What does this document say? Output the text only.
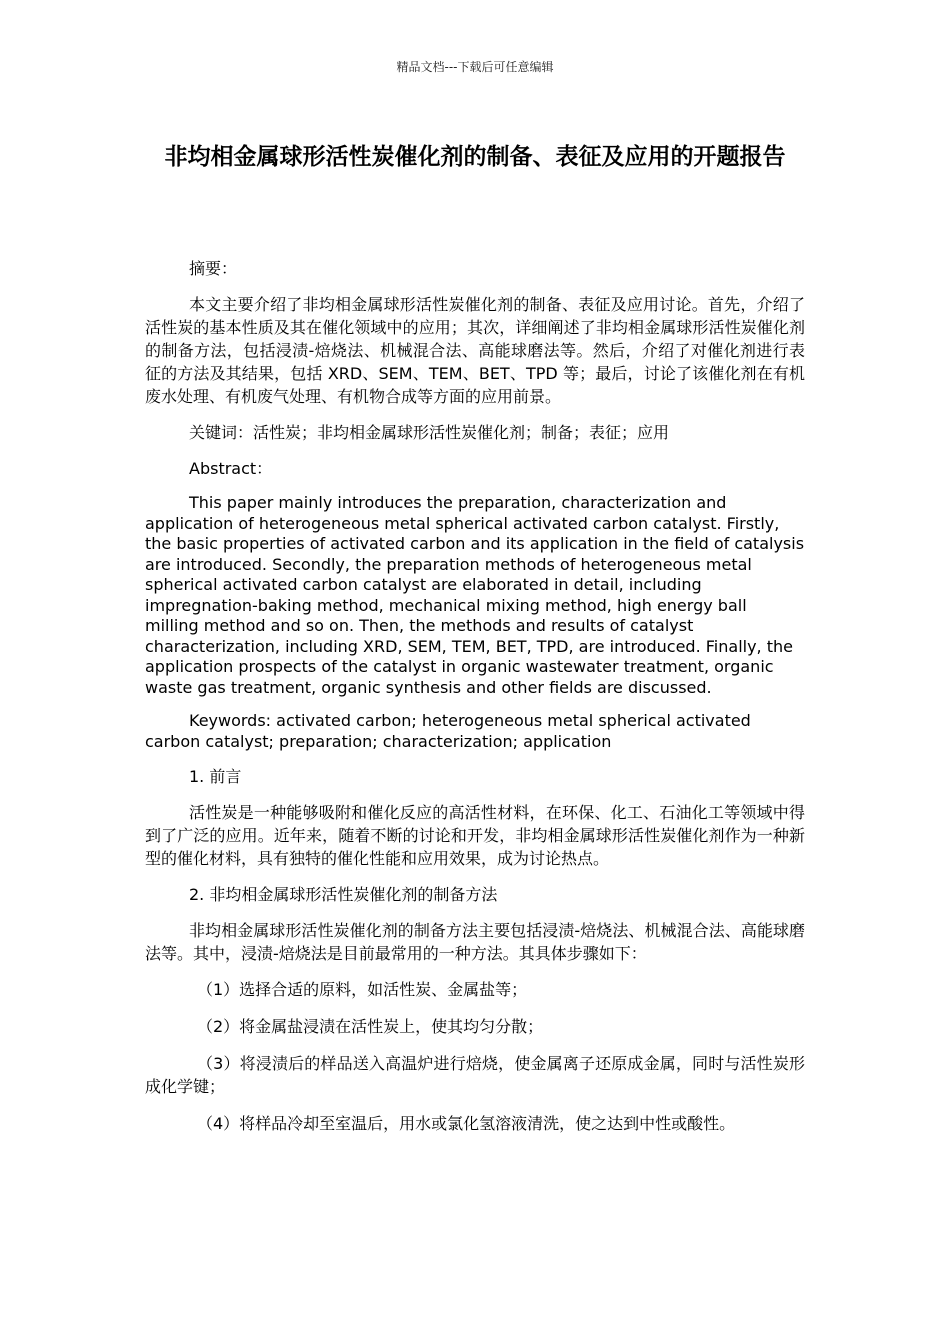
精品文档---下载后可任意编辑
非均相金属球形活性炭催化剂的制备、表征及应用的开题报告

摘要：

本文主要介绍了非均相金属球形活性炭催化剂的制备、表征及应用讨论。首先，介绍了活性炭的基本性质及其在催化领域中的应用；其次，详细阐述了非均相金属球形活性炭催化剂的制备方法，包括浸渍-焙烧法、机械混合法、高能球磨法等。然后，介绍了对催化剂进行表征的方法及其结果，包括 XRD、SEM、TEM、BET、TPD 等；最后，讨论了该催化剂在有机废水处理、有机废气处理、有机物合成等方面的应用前景。

关键词：活性炭；非均相金属球形活性炭催化剂；制备；表征；应用

Abstract：

This paper mainly introduces the preparation, characterization and application of heterogeneous metal spherical activated carbon catalyst. Firstly, the basic properties of activated carbon and its application in the field of catalysis are introduced. Secondly, the preparation methods of heterogeneous metal spherical activated carbon catalyst are elaborated in detail, including impregnation-baking method, mechanical mixing method, high energy ball milling method and so on. Then, the methods and results of catalyst characterization, including XRD, SEM, TEM, BET, TPD, are introduced. Finally, the application prospects of the catalyst in organic wastewater treatment, organic waste gas treatment, organic synthesis and other fields are discussed.

Keywords: activated carbon; heterogeneous metal spherical activated carbon catalyst; preparation; characterization; application

1. 前言

活性炭是一种能够吸附和催化反应的高活性材料，在环保、化工、石油化工等领域中得到了广泛的应用。近年来，随着不断的讨论和开发，非均相金属球形活性炭催化剂作为一种新型的催化材料，具有独特的催化性能和应用效果，成为讨论热点。

2. 非均相金属球形活性炭催化剂的制备方法

非均相金属球形活性炭催化剂的制备方法主要包括浸渍-焙烧法、机械混合法、高能球磨法等。其中，浸渍-焙烧法是目前最常用的一种方法。其具体步骤如下：

（1）选择合适的原料，如活性炭、金属盐等；

（2）将金属盐浸渍在活性炭上，使其均匀分散；

（3）将浸渍后的样品送入高温炉进行焙烧，使金属离子还原成金属，同时与活性炭形成化学键；

（4）将样品冷却至室温后，用水或氯化氢溶液清洗，使之达到中性或酸性。
